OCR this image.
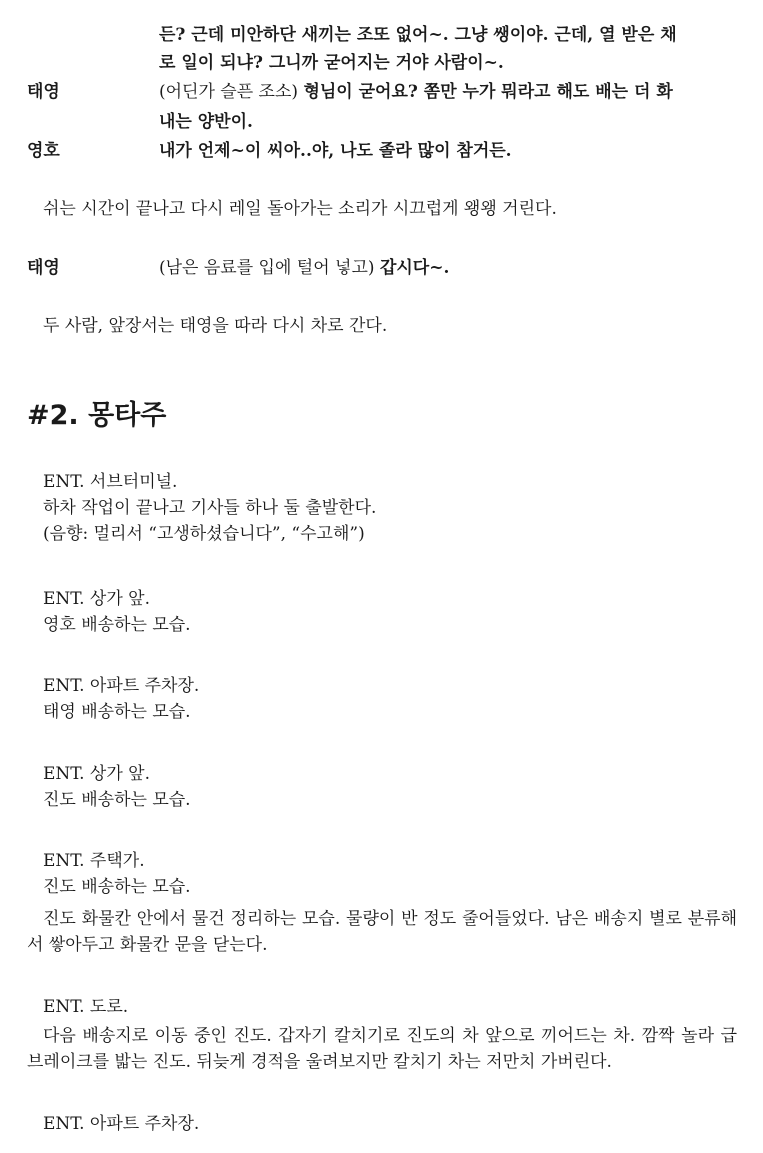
든? 근데 미안하단 새끼는 조또 없어~. 그냥 쌩이야. 근데, 열 받은 채
로 일이 되냐? 그니까 굳어지는 거야 사람이~.
태영	(어딘가 슬픈 조소) 형님이 굳어요? 쫌만 누가 뭐라고 해도 배는 더 화
내는 양반이.
영호	내가 언제~이 씨아..야, 나도 졸라 많이 참거든.
쉬는 시간이 끝나고 다시 레일 돌아가는 소리가 시끄럽게 왱왱 거린다.
태영	(남은 음료를 입에 털어 넣고) 갑시다~.
두 사람, 앞장서는 태영을 따라 다시 차로 간다.
#2. 몽타주
ENT. 서브터미널.
하차 작업이 끝나고 기사들 하나 둘 출발한다.
(음향: 멀리서 “고생하셨습니다”, “수고해”)
ENT. 상가 앞.
영호 배송하는 모습.
ENT. 아파트 주차장.
태영 배송하는 모습.
ENT. 상가 앞.
진도 배송하는 모습.
ENT. 주택가.
진도 배송하는 모습.
진도 화물칸 안에서 물건 정리하는 모습. 물량이 반 정도 줄어들었다. 남은 배송지 별로 분류해서 쌓아두고 화물칸 문을 닫는다.
ENT. 도로.
다음 배송지로 이동 중인 진도. 갑자기 칼치기로 진도의 차 앞으로 끼어드는 차. 깜짝 놀라 급브레이크를 밟는 진도. 뒤늦게 경적을 울려보지만 칼치기 차는 저만치 가버린다.
ENT. 아파트 주차장.
